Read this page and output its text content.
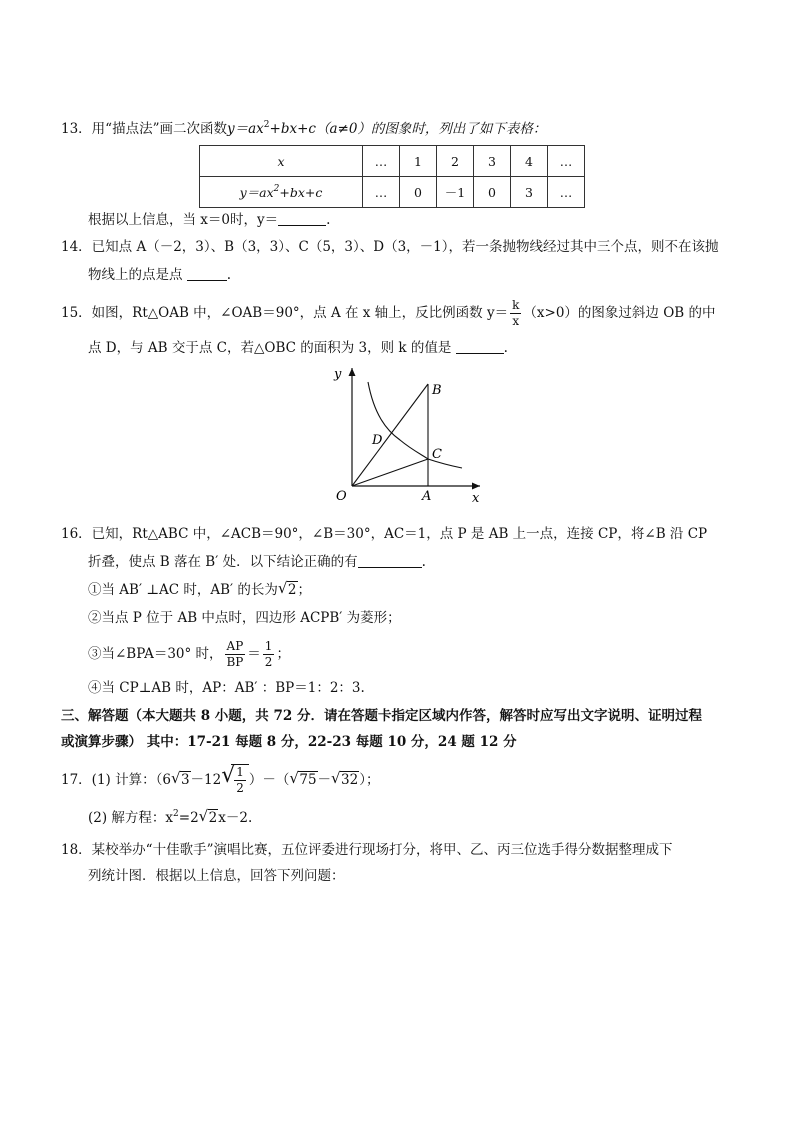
13．用“描点法”画二次函数$y=ax^2+bx+c(a\ne 0)$的图象时，列出了如下表格：
x	…	1	2	3	4	…
$y=ax^2+bx+c$	…	0	－1	0	3	…
根据以上信息，当 x＝0时，y＝	.
14．已知点 A（－2，3）、B（3，3）、C（5，3）、D（3，－1），若一条抛物线经过其中三个点，则不在该抛
物线上的点是点	.
15．如图，Rt△OAB 中，∠OAB＝90°，点 A 在 x 轴上，反比例函数 $y= \frac{k}{x} (x>0)$的图象过斜边 OB 的中
点 D，与 AB 交于点 C，若△OBC 的面积为 3，则 k 的值是	.
y
x
O	A
B
C
D
16．已知，Rt△ABC 中，∠ACB＝90°，∠B＝30°，AC＝1，点 P 是 AB 上一点，连接 CP，将∠B 沿 CP
折叠，使点 B 落在 B′ 处．以下结论正确的有	.
①当 AB′ ⊥AC 时，AB′ 的长为 √ 2；
②当点 P 位于 AB 中点时，四边形 ACPB′ 为菱形；
③当∠BPA＝30° 时， $\frac{AP}{BP} = \frac{1}{2}$ ；
④当 CP⊥AB 时，AP：AB′ ：BP＝1：2：3.
三、解答题（本大题共 8 小题，共 72 分．请在答题卡指定区域内作答，解答时应写出文字说明、证明过程
或演算步骤） 其中：17-21 每题 8 分，22-23 每题 10 分，24 题 12 分
17．(1) 计算：（6 √ 3－12 √
$\frac{1}{2}$ ）－（ √ 75－ √ 32）；
(2) 解方程：$x^2=2$ √ 2x－2.
18．某校举办“十佳歌手”演唱比赛，五位评委进行现场打分，将甲、乙、丙三位选手得分数据整理成下
列统计图．根据以上信息，回答下列问题：
